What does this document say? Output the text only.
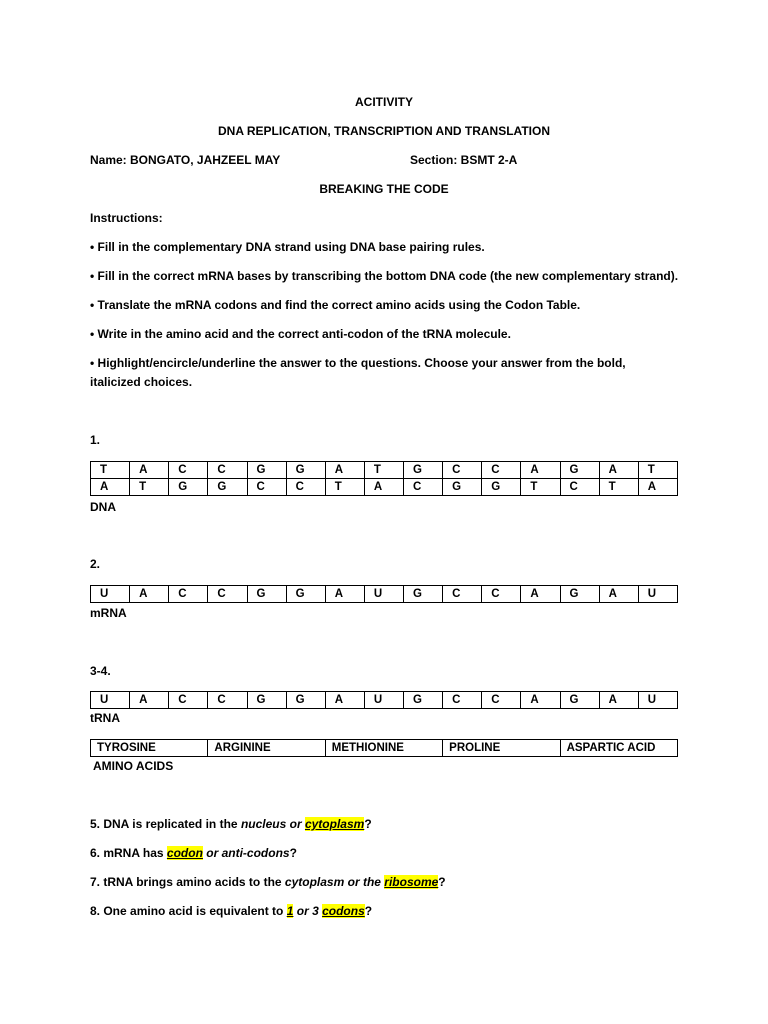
ACITIVITY
DNA REPLICATION, TRANSCRIPTION AND TRANSLATION
Name: BONGATO, JAHZEEL MAY	Section: BSMT 2-A
BREAKING THE CODE
Instructions:
• Fill in the complementary DNA strand using DNA base pairing rules.
• Fill in the correct mRNA bases by transcribing the bottom DNA code (the new complementary strand).
• Translate the mRNA codons and find the correct amino acids using the Codon Table.
• Write in the amino acid and the correct anti-codon of the tRNA molecule.
• Highlight/encircle/underline the answer to the questions. Choose your answer from the bold,
italicized choices.
1.
T	A	C	C	G	G	A	T	G	C	C	A	G	A	T
A	T	G	G	C	C	T	A	C	G	G	T	C	T	A
DNA
2.
U	A	C	C	G	G	A	U	G	C	C	A	G	A	U
mRNA
3-4.
U	A	C	C	G	G	A	U	G	C	C	A	G	A	U
tRNA
TYROSINE	ARGININE	METHIONINE	PROLINE	ASPARTIC ACID
AMINO ACIDS
5. DNA is replicated in the nucleus or cytoplasm?
6. mRNA has codon or anti-codons?
7. tRNA brings amino acids to the cytoplasm or the ribosome?
8. One amino acid is equivalent to 1 or 3 codons?
